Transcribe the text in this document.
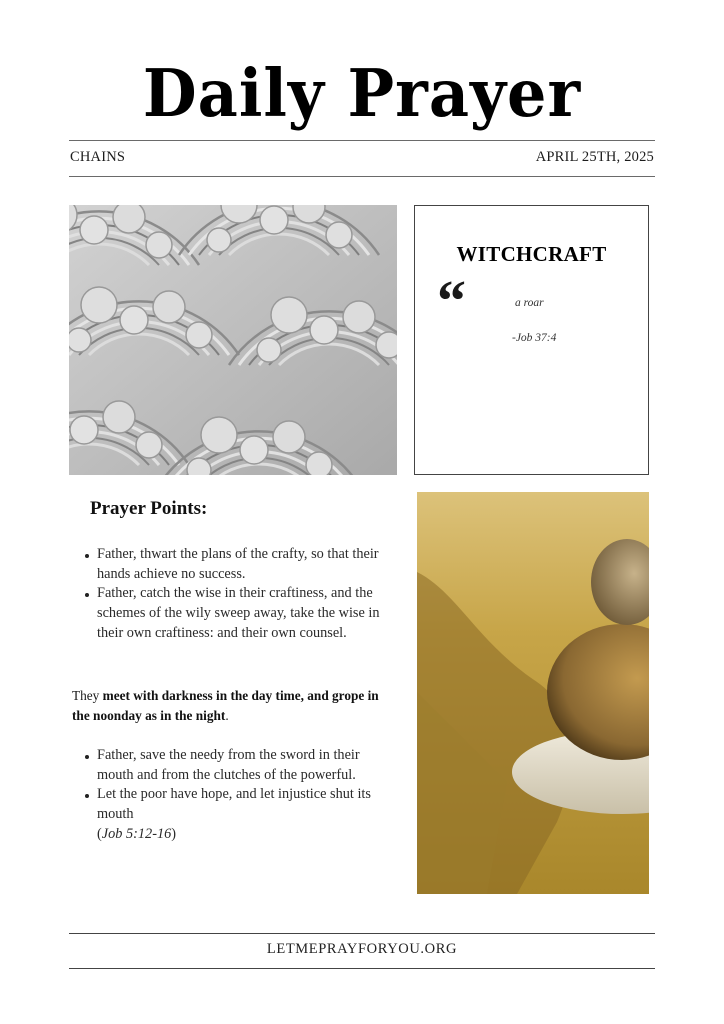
Daily Prayer
CHAINS	APRIL 25TH, 2025
WITCHCRAFT
“	a roar
-Job 37:4
Prayer Points:
Father, thwart the plans of the crafty, so that their hands achieve no success.
Father, catch the wise in their craftiness, and the schemes of the wily sweep away, take the wise in their own craftiness: and their own counsel.

They meet with darkness in the day time, and grope in the noonday as in the night.

Father, save the needy from the sword in their mouth and from the clutches of the powerful.
Let the poor have hope, and let injustice shut its mouth
(Job 5:12-16)
LETMEPRAYFORYOU.ORG
